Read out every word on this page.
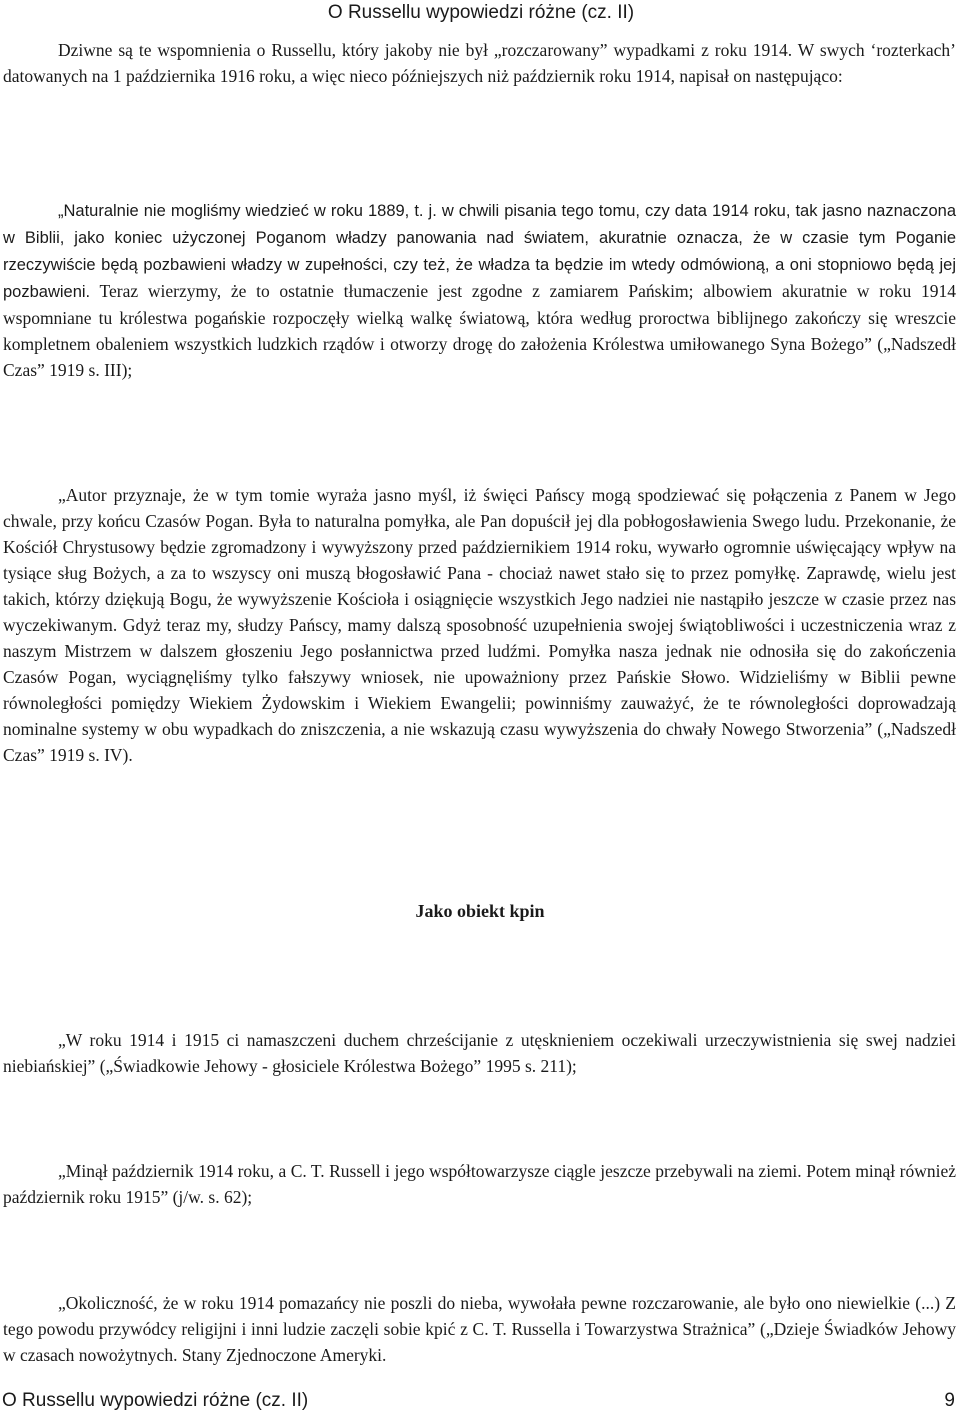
O Russellu wypowiedzi różne (cz. II)

Dziwne są te wspomnienia o Russellu, który jakoby nie był „rozczarowany” wypadkami z roku 1914. W swych ‘rozterkach’ datowanych na 1 października 1916 roku, a więc nieco późniejszych niż październik roku 1914, napisał on następująco:

„Naturalnie nie mogliśmy wiedzieć w roku 1889, t. j. w chwili pisania tego tomu, czy data 1914 roku, tak jasno naznaczona w Biblii, jako koniec użyczonej Poganom władzy panowania nad światem, akuratnie oznacza, że w czasie tym Poganie rzeczywiście będą pozbawieni władzy w zupełności, czy też, że władza ta będzie im wtedy odmówioną, a oni stopniowo będą jej pozbawieni. Teraz wierzymy, że to ostatnie tłumaczenie jest zgodne z zamiarem Pańskim; albowiem akuratnie w roku 1914 wspomniane tu królestwa pogańskie rozpoczęły wielką walkę światową, która według proroctwa biblijnego zakończy się wreszcie kompletnem obaleniem wszystkich ludzkich rządów i otworzy drogę do założenia Królestwa umiłowanego Syna Bożego” („Nadszedł Czas” 1919 s. III);

„Autor przyznaje, że w tym tomie wyraża jasno myśl, iż święci Pańscy mogą spodziewać się połączenia z Panem w Jego chwale, przy końcu Czasów Pogan. Była to naturalna pomyłka, ale Pan dopuścił jej dla pobłogosławienia Swego ludu. Przekonanie, że Kościół Chrystusowy będzie zgromadzony i wywyższony przed październikiem 1914 roku, wywarło ogromnie uświęcający wpływ na tysiące sług Bożych, a za to wszyscy oni muszą błogosławić Pana - chociaż nawet stało się to przez pomyłkę. Zaprawdę, wielu jest takich, którzy dziękują Bogu, że wywyższenie Kościoła i osiągnięcie wszystkich Jego nadziei nie nastąpiło jeszcze w czasie przez nas wyczekiwanym. Gdyż teraz my, słudzy Pańscy, mamy dalszą sposobność uzupełnienia swojej świątobliwości i uczestniczenia wraz z naszym Mistrzem w dalszem głoszeniu Jego posłannictwa przed ludźmi. Pomyłka nasza jednak nie odnosiła się do zakończenia Czasów Pogan, wyciągnęliśmy tylko fałszywy wniosek, nie upoważniony przez Pańskie Słowo. Widzieliśmy w Biblii pewne równoległości pomiędzy Wiekiem Żydowskim i Wiekiem Ewangelii; powinniśmy zauważyć, że te równoległości doprowadzają nominalne systemy w obu wypadkach do zniszczenia, a nie wskazują czasu wywyższenia do chwały Nowego Stworzenia” („Nadszedł Czas” 1919 s. IV).

Jako obiekt kpin

„W roku 1914 i 1915 ci namaszczeni duchem chrześcijanie z utęsknieniem oczekiwali urzeczywistnienia się swej nadziei niebiańskiej” („Świadkowie Jehowy - głosiciele Królestwa Bożego” 1995 s. 211);

„Minął październik 1914 roku, a C. T. Russell i jego współtowarzysze ciągle jeszcze przebywali na ziemi. Potem minął również październik roku 1915” (j/w. s. 62);

„Okoliczność, że w roku 1914 pomazańcy nie poszli do nieba, wywołała pewne rozczarowanie, ale było ono niewielkie (...) Z tego powodu przywódcy religijni i inni ludzie zaczęli sobie kpić z C. T. Russella i Towarzystwa Strażnica” („Dzieje Świadków Jehowy w czasach nowożytnych. Stany Zjednoczone Ameryki.

O Russellu wypowiedzi różne (cz. II)	9
